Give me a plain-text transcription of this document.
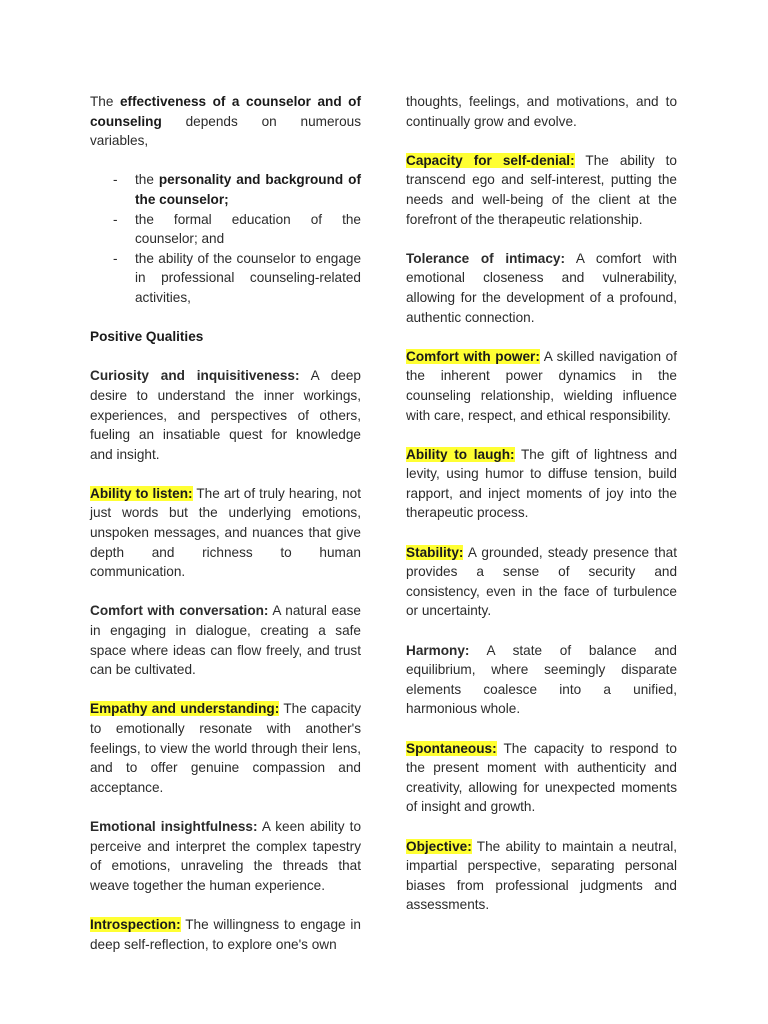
The effectiveness of a counselor and of counseling depends on numerous variables,

- the personality and background of the counselor;
- the formal education of the counselor; and
- the ability of the counselor to engage in professional counseling-related activities,

Positive Qualities

Curiosity and inquisitiveness: A deep desire to understand the inner workings, experiences, and perspectives of others, fueling an insatiable quest for knowledge and insight.

Ability to listen: The art of truly hearing, not just words but the underlying emotions, unspoken messages, and nuances that give depth and richness to human communication.

Comfort with conversation: A natural ease in engaging in dialogue, creating a safe space where ideas can flow freely, and trust can be cultivated.

Empathy and understanding: The capacity to emotionally resonate with another's feelings, to view the world through their lens, and to offer genuine compassion and acceptance.

Emotional insightfulness: A keen ability to perceive and interpret the complex tapestry of emotions, unraveling the threads that weave together the human experience.

Introspection: The willingness to engage in deep self-reflection, to explore one's own

thoughts, feelings, and motivations, and to continually grow and evolve.

Capacity for self-denial: The ability to transcend ego and self-interest, putting the needs and well-being of the client at the forefront of the therapeutic relationship.

Tolerance of intimacy: A comfort with emotional closeness and vulnerability, allowing for the development of a profound, authentic connection.

Comfort with power: A skilled navigation of the inherent power dynamics in the counseling relationship, wielding influence with care, respect, and ethical responsibility.

Ability to laugh: The gift of lightness and levity, using humor to diffuse tension, build rapport, and inject moments of joy into the therapeutic process.

Stability: A grounded, steady presence that provides a sense of security and consistency, even in the face of turbulence or uncertainty.

Harmony: A state of balance and equilibrium, where seemingly disparate elements coalesce into a unified, harmonious whole.

Spontaneous: The capacity to respond to the present moment with authenticity and creativity, allowing for unexpected moments of insight and growth.

Objective: The ability to maintain a neutral, impartial perspective, separating personal biases from professional judgments and assessments.
